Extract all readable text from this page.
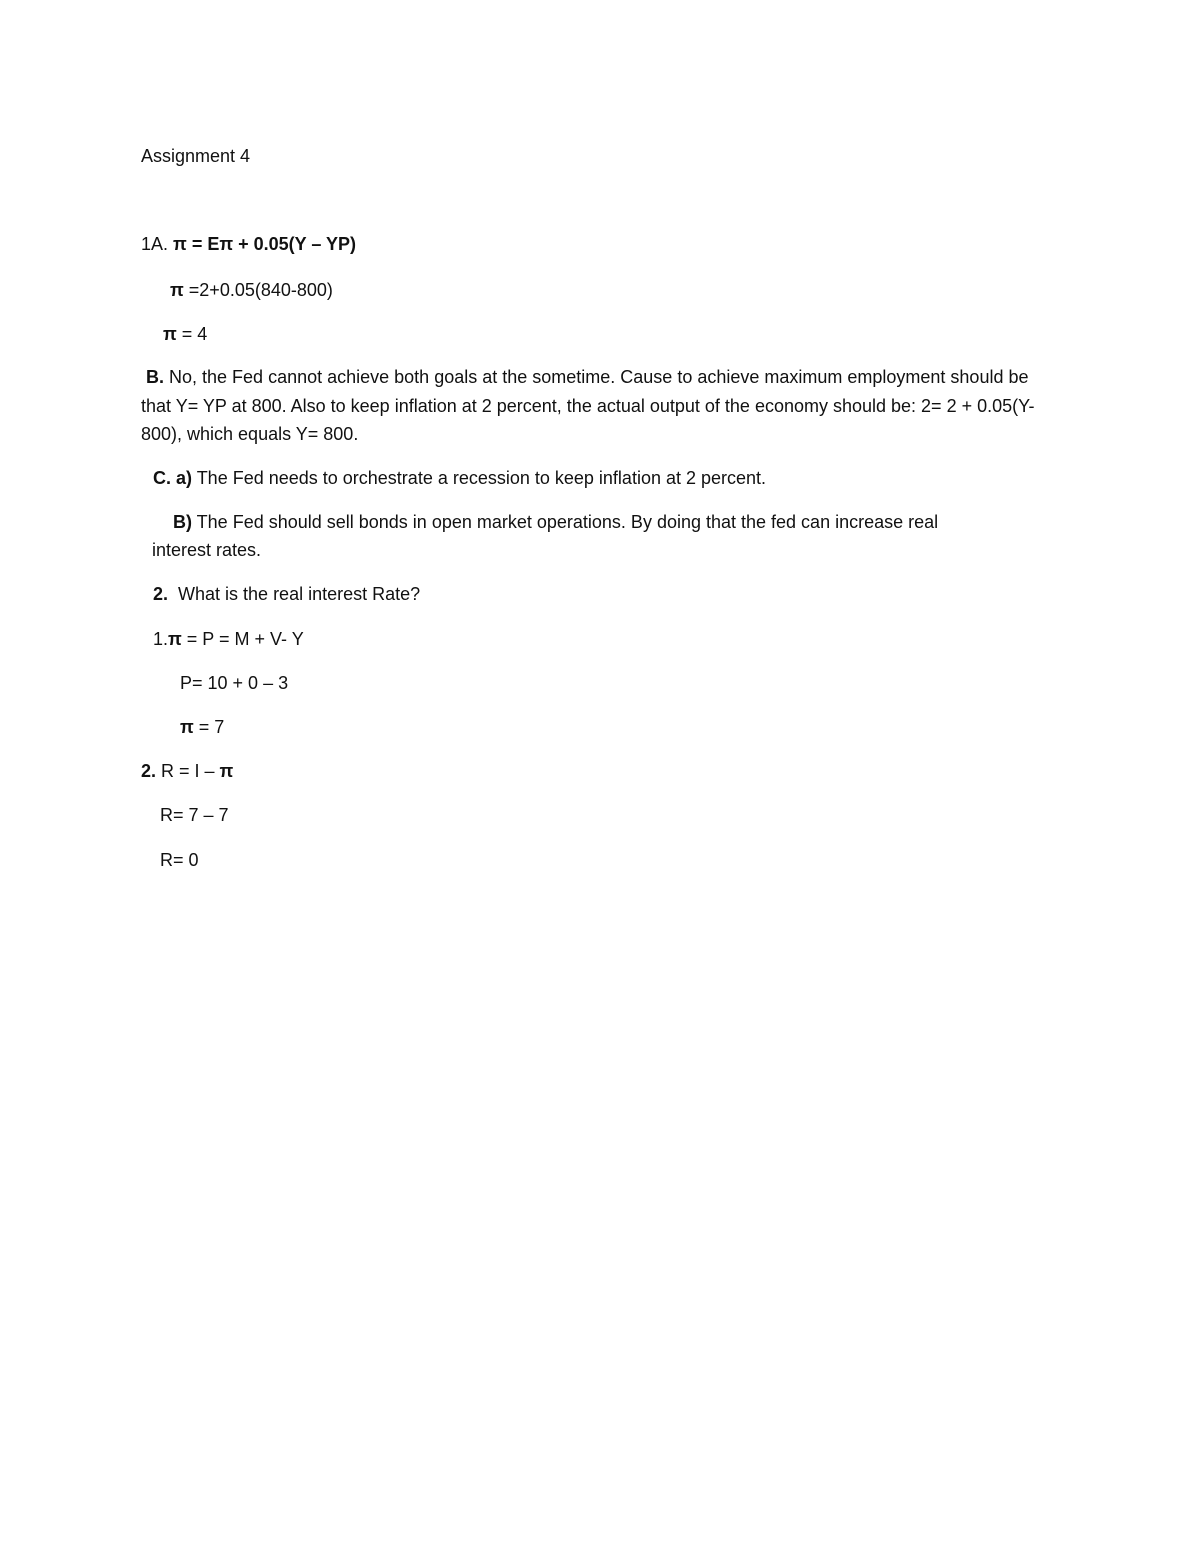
Assignment 4
1A. π = Eπ + 0.05(Y – YP)
π =2+0.05(840-800)
π = 4
B. No, the Fed cannot achieve both goals at the sometime. Cause to achieve maximum employment should be that Y= YP at 800. Also to keep inflation at 2 percent, the actual output of the economy should be: 2= 2 + 0.05(Y- 800), which equals Y= 800.
C. a) The Fed needs to orchestrate a recession to keep inflation at 2 percent.
B) The Fed should sell bonds in open market operations. By doing that the fed can increase real
interest rates.
2. What is the real interest Rate?
1.π = P = M + V- Y
P= 10 + 0 – 3
π = 7
2. R = I – π
R= 7 – 7
R= 0
